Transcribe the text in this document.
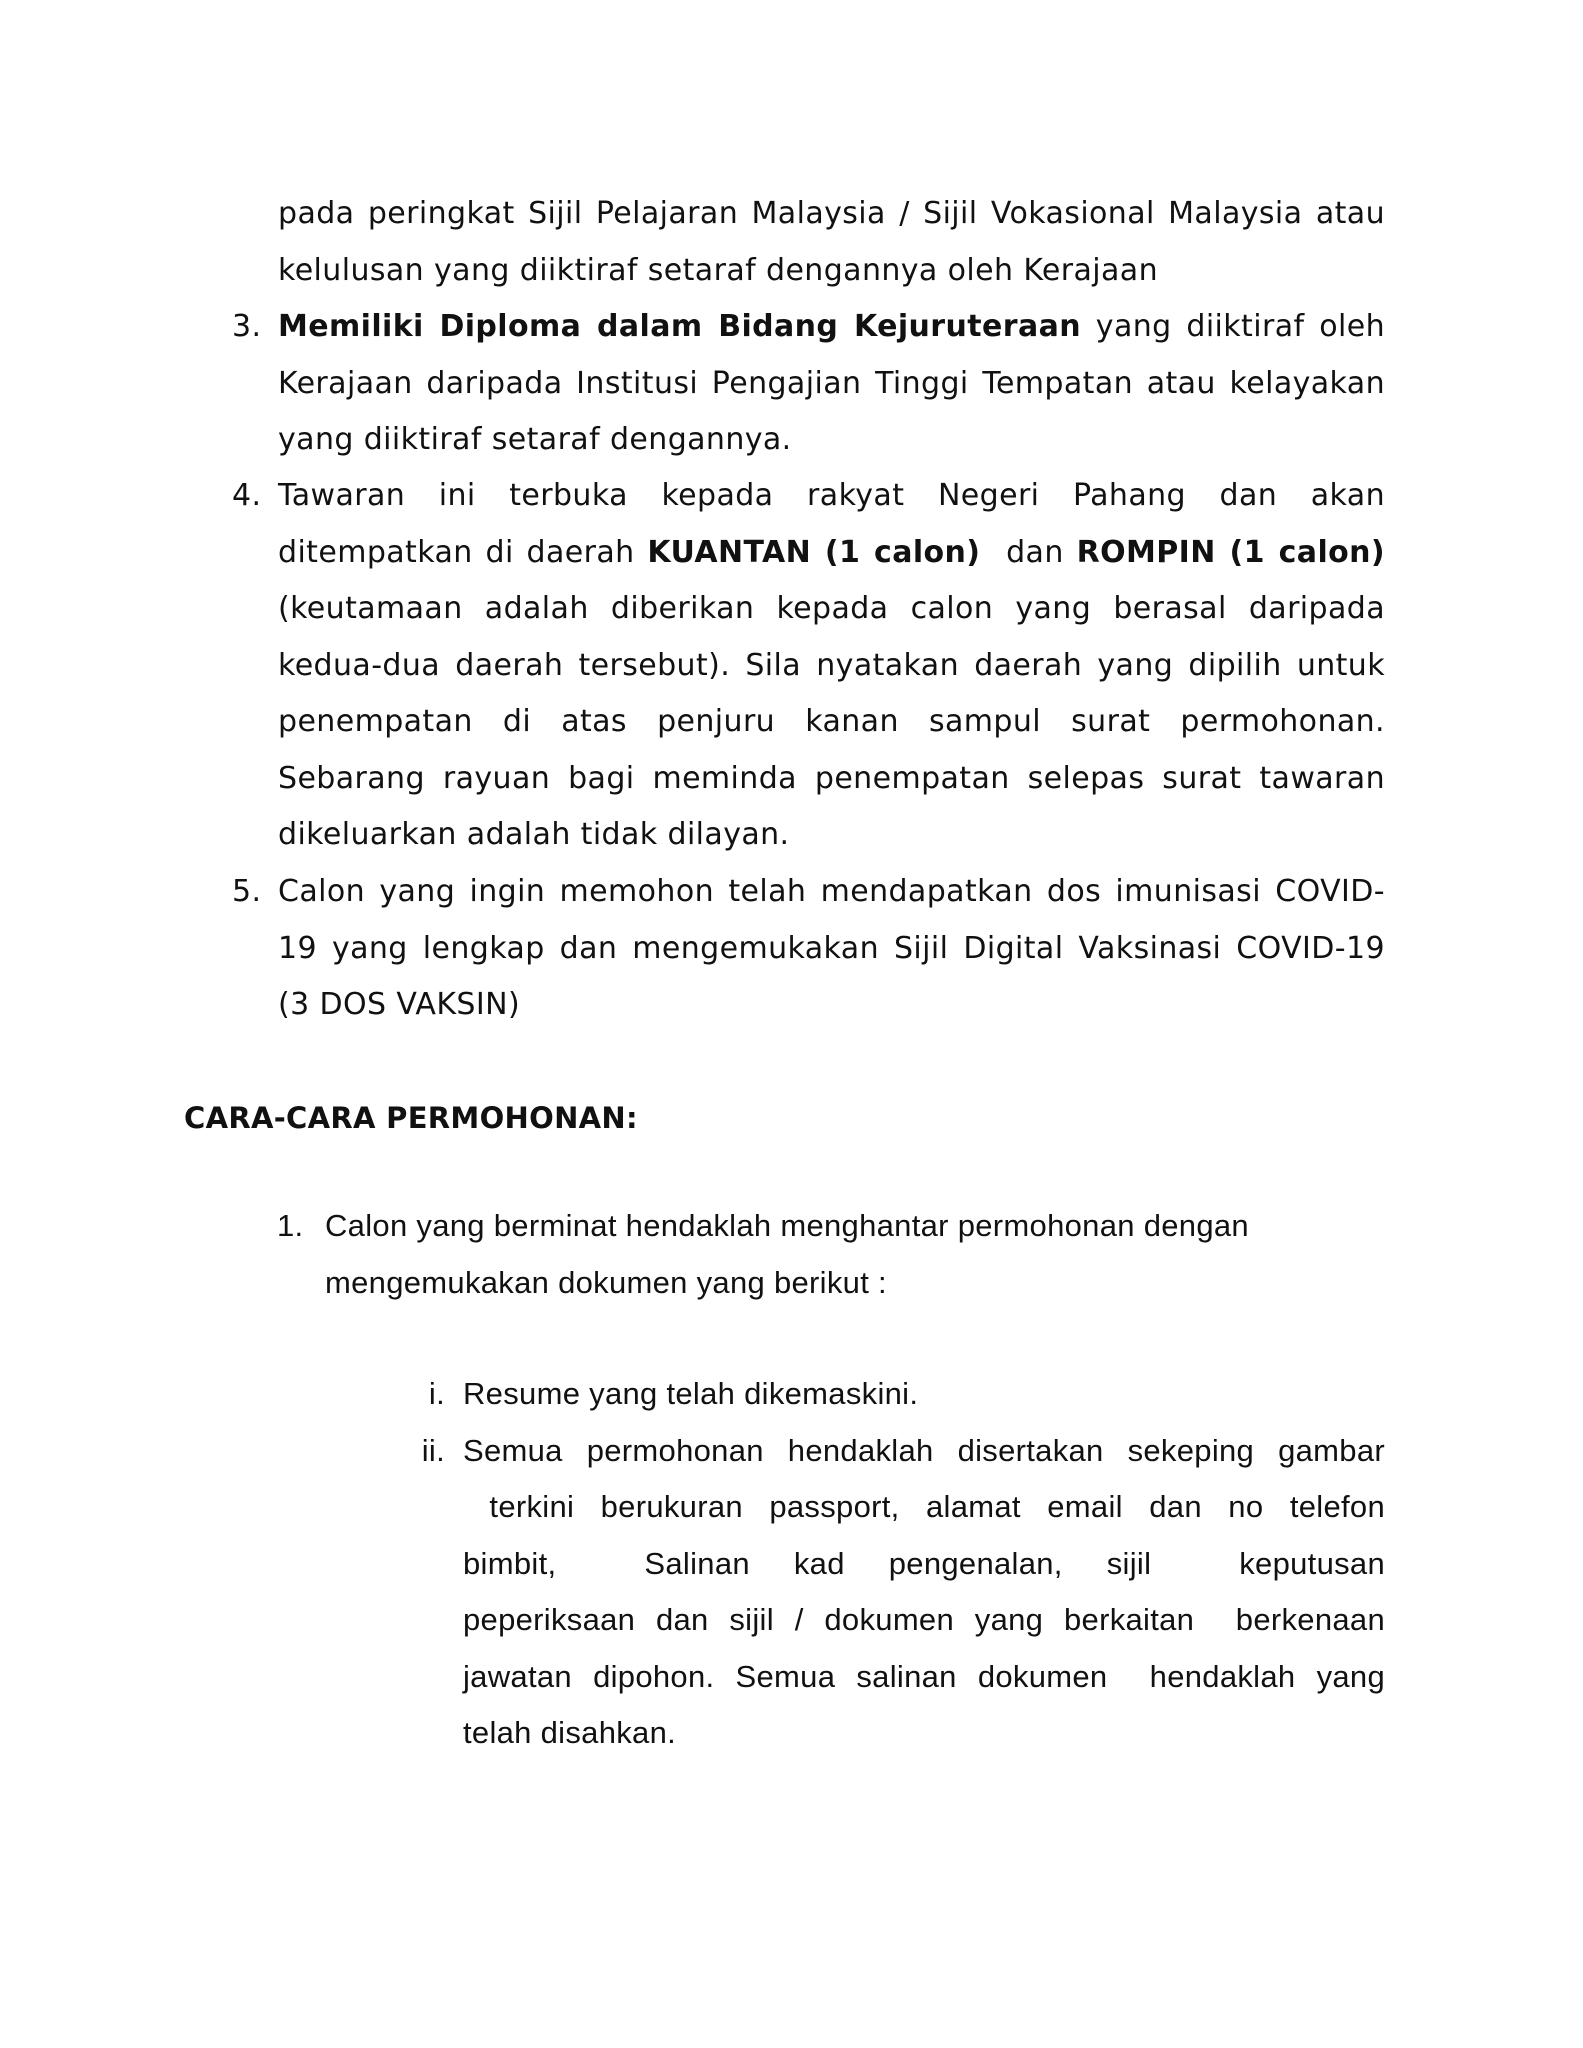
pada peringkat Sijil Pelajaran Malaysia / Sijil Vokasional Malaysia atau
kelulusan yang diiktiraf setaraf dengannya oleh Kerajaan
3. Memiliki Diploma dalam Bidang Kejuruteraan yang diiktiraf oleh
Kerajaan daripada Institusi Pengajian Tinggi Tempatan atau kelayakan
yang diiktiraf setaraf dengannya.
4. Tawaran ini terbuka kepada rakyat Negeri Pahang dan akan
ditempatkan di daerah KUANTAN (1 calon)  dan ROMPIN (1 calon)
(keutamaan adalah diberikan kepada calon yang berasal daripada
kedua-dua daerah tersebut). Sila nyatakan daerah yang dipilih untuk
penempatan di atas penjuru kanan sampul surat permohonan.
Sebarang rayuan bagi meminda penempatan selepas surat tawaran
dikeluarkan adalah tidak dilayan.
5. Calon yang ingin memohon telah mendapatkan dos imunisasi COVID-
19 yang lengkap dan mengemukakan Sijil Digital Vaksinasi COVID-19
(3 DOS VAKSIN)
CARA-CARA PERMOHONAN:
1. Calon yang berminat hendaklah menghantar permohonan dengan
mengemukakan dokumen yang berikut :
i. Resume yang telah dikemaskini.
ii. Semua permohonan hendaklah disertakan sekeping gambar
terkini berukuran passport, alamat email dan no telefon
bimbit,  Salinan kad pengenalan, sijil  keputusan
peperiksaan dan sijil / dokumen yang berkaitan  berkenaan
jawatan dipohon. Semua salinan dokumen  hendaklah yang
telah disahkan.
